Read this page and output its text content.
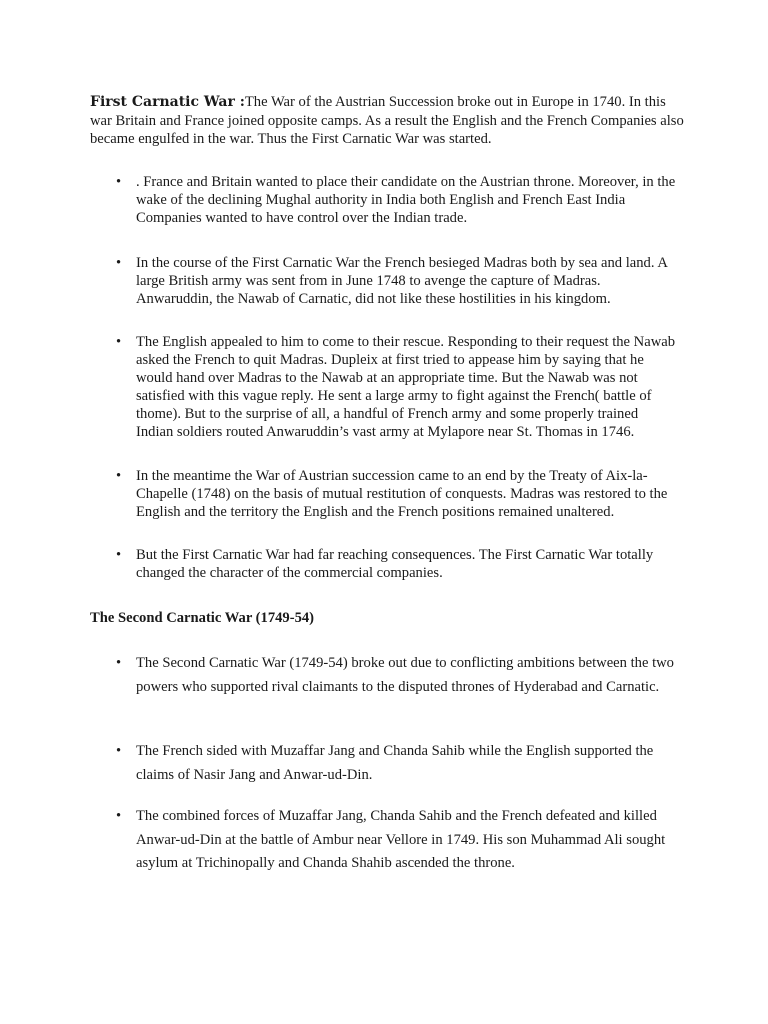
First Carnatic War :The War of the Austrian Succession broke out in Europe in 1740. In this war Britain and France joined opposite camps. As a result the English and the French Companies also became engulfed in the war. Thus the First Carnatic War was started.

• . France and Britain wanted to place their candidate on the Austrian throne. Moreover, in the wake of the declining Mughal authority in India both English and French East India Companies wanted to have control over the Indian trade.

• In the course of the First Carnatic War the French besieged Madras both by sea and land. A large British army was sent from in June 1748 to avenge the capture of Madras. Anwaruddin, the Nawab of Carnatic, did not like these hostilities in his kingdom.

• The English appealed to him to come to their rescue. Responding to their request the Nawab asked the French to quit Madras. Dupleix at first tried to appease him by saying that he would hand over Madras to the Nawab at an appropriate time. But the Nawab was not satisfied with this vague reply. He sent a large army to fight against the French( battle of thome). But to the surprise of all, a handful of French army and some properly trained Indian soldiers routed Anwaruddin’s vast army at Mylapore near St. Thomas in 1746.

• In the meantime the War of Austrian succession came to an end by the Treaty of Aix-la-Chapelle (1748) on the basis of mutual restitution of conquests. Madras was restored to the English and the territory the English and the French positions remained unaltered.

• But the First Carnatic War had far reaching consequences. The First Carnatic War totally changed the character of the commercial companies.

The Second Carnatic War (1749-54)
• The Second Carnatic War (1749-54) broke out due to conflicting ambitions between the two powers who supported rival claimants to the disputed thrones of Hyderabad and Carnatic.

• The French sided with Muzaffar Jang and Chanda Sahib while the English supported the claims of Nasir Jang and Anwar-ud-Din.

• The combined forces of Muzaffar Jang, Chanda Sahib and the French defeated and killed Anwar-ud-Din at the battle of Ambur near Vellore in 1749. His son Muhammad Ali sought asylum at Trichinopally and Chanda Shahib ascended the throne.
